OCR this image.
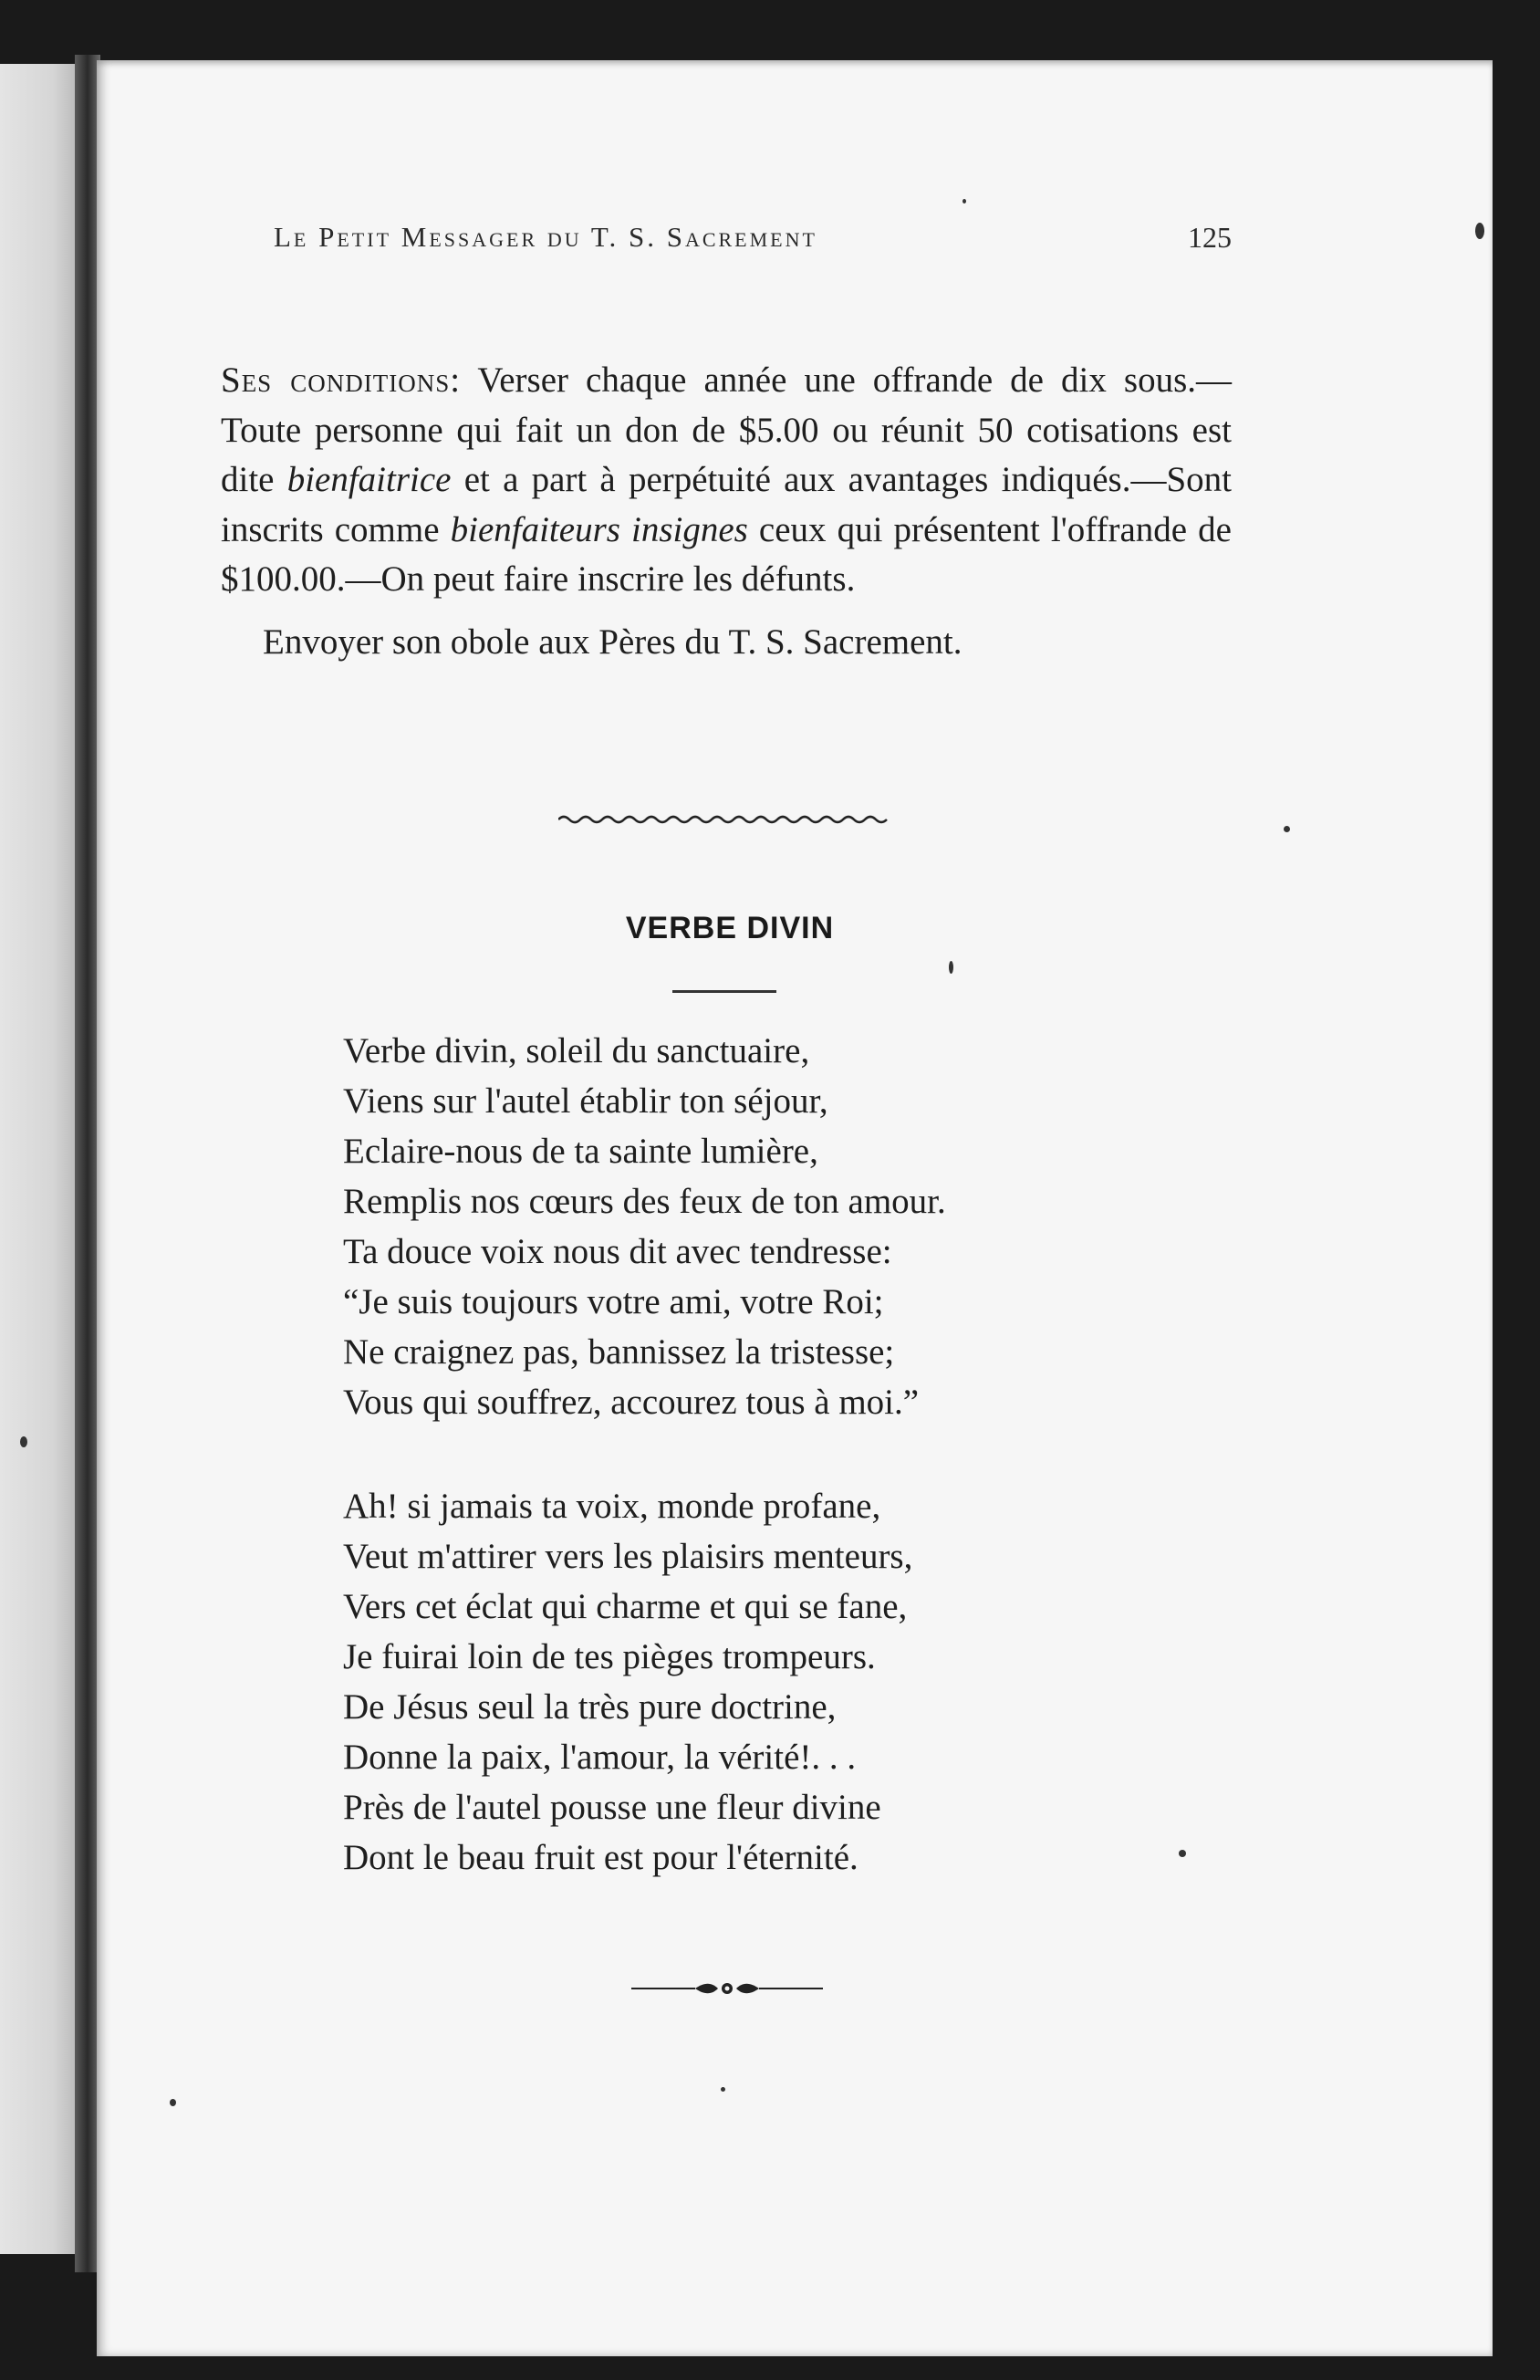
Le Petit Messager du T. S. Sacrement	125

Ses conditions: Verser chaque année une offrande de dix sous.—Toute personne qui fait un don de $5.00 ou réunit 50 cotisations est dite bienfaitrice et a part à perpétuité aux avantages indiqués.—Sont inscrits comme bienfaiteurs insignes ceux qui présentent l'offrande de $100.00.—On peut faire inscrire les défunts.

Envoyer son obole aux Pères du T. S. Sacrement.

VERBE DIVIN
Verbe divin, soleil du sanctuaire,
Viens sur l'autel établir ton séjour,
Eclaire-nous de ta sainte lumière,
Remplis nos cœurs des feux de ton amour.
Ta douce voix nous dit avec tendresse:
“Je suis toujours votre ami, votre Roi;
Ne craignez pas, bannissez la tristesse;
Vous qui souffrez, accourez tous à moi.”
Ah! si jamais ta voix, monde profane,
Veut m'attirer vers les plaisirs menteurs,
Vers cet éclat qui charme et qui se fane,
Je fuirai loin de tes pièges trompeurs.
De Jésus seul la très pure doctrine,
Donne la paix, l'amour, la vérité!. . .
Près de l'autel pousse une fleur divine
Dont le beau fruit est pour l'éternité.
